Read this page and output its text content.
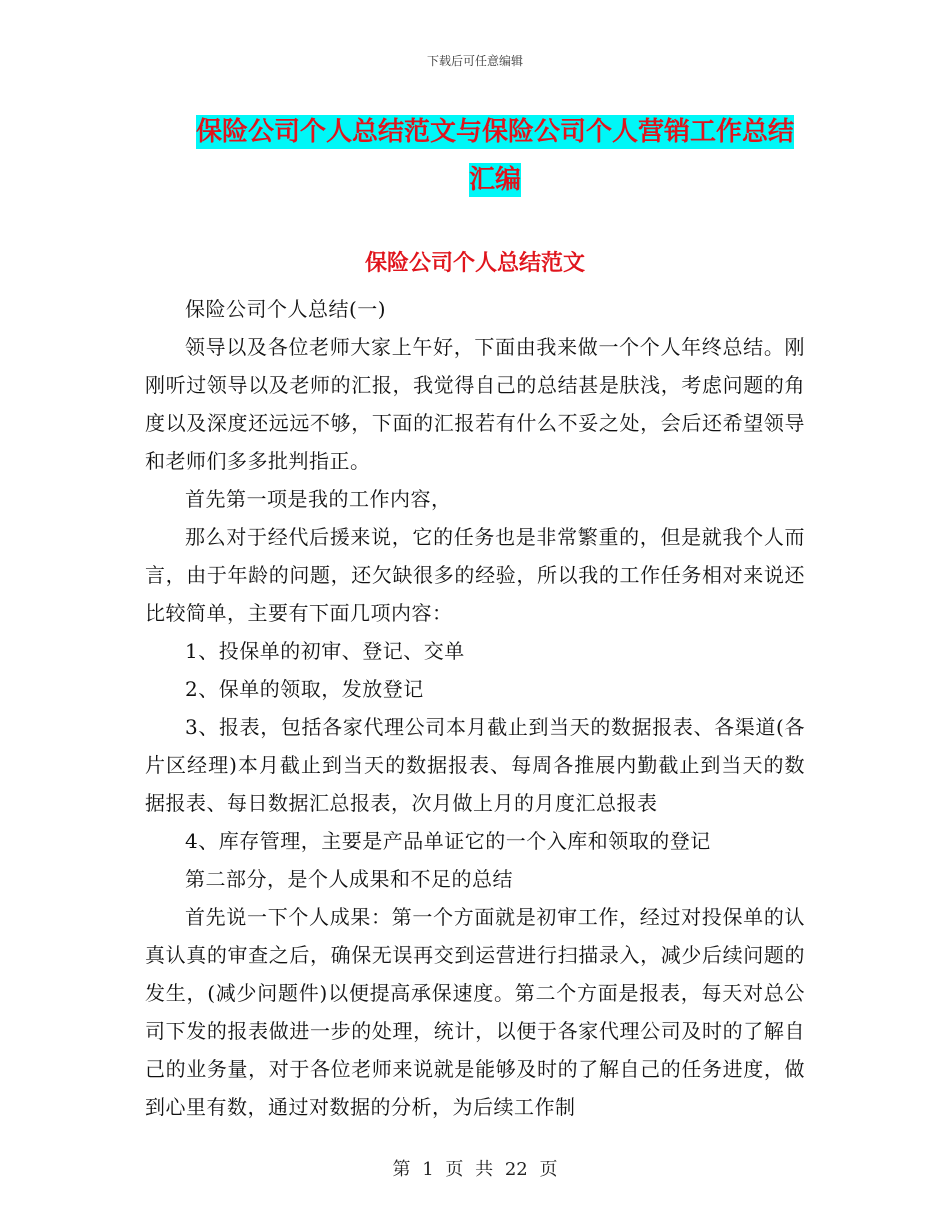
下载后可任意编辑
保险公司个人总结范文与保险公司个人营销工作总结
汇编
保险公司个人总结范文

保险公司个人总结(一)

领导以及各位老师大家上午好，下面由我来做一个个人年终总结。刚刚听过领导以及老师的汇报，我觉得自己的总结甚是肤浅，考虑问题的角度以及深度还远远不够，下面的汇报若有什么不妥之处，会后还希望领导和老师们多多批判指正。

首先第一项是我的工作内容，

那么对于经代后援来说，它的任务也是非常繁重的，但是就我个人而言，由于年龄的问题，还欠缺很多的经验，所以我的工作任务相对来说还比较简单，主要有下面几项内容：

1、投保单的初审、登记、交单

2、保单的领取，发放登记

3、报表，包括各家代理公司本月截止到当天的数据报表、各渠道(各片区经理)本月截止到当天的数据报表、每周各推展内勤截止到当天的数据报表、每日数据汇总报表，次月做上月的月度汇总报表

4、库存管理，主要是产品单证它的一个入库和领取的登记

第二部分，是个人成果和不足的总结

首先说一下个人成果：第一个方面就是初审工作，经过对投保单的认真认真的审查之后，确保无误再交到运营进行扫描录入，减少后续问题的发生，(减少问题件)以便提高承保速度。第二个方面是报表，每天对总公司下发的报表做进一步的处理，统计，以便于各家代理公司及时的了解自己的业务量，对于各位老师来说就是能够及时的了解自己的任务进度，做到心里有数，通过对数据的分析，为后续工作制

第 1 页 共 22 页
